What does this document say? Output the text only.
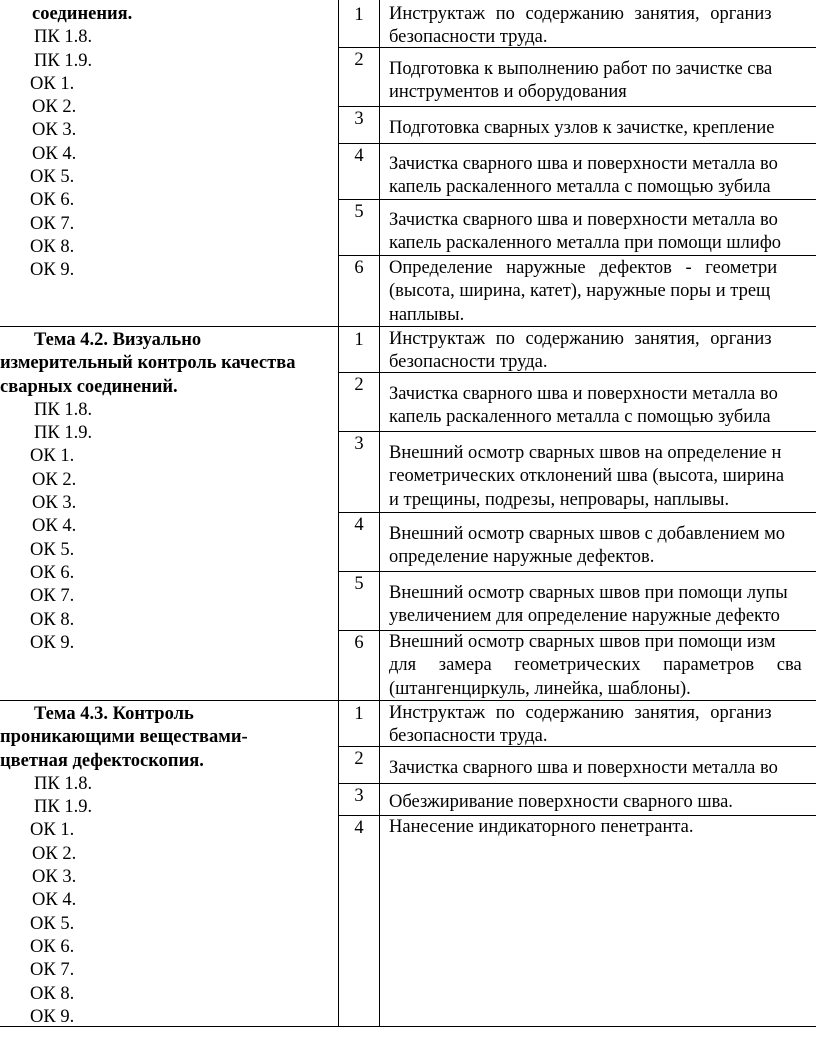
соединения.
ПК 1.8.
ПК 1.9.
ОК 1.
ОК 2.
ОК 3.
ОК 4.
ОК 5.
ОК 6.
ОК 7.
ОК 8.
ОК 9.
1	Инструктаж по содержанию занятия, организ
безопасности труда.
2	Подготовка к выполнению работ по зачистке сва
инструментов и оборудования
3	Подготовка сварных узлов к зачистке, крепление
4	Зачистка сварного шва и поверхности металла во
капель раскаленного металла с помощью зубила
5	Зачистка сварного шва и поверхности металла во
капель раскаленного металла при помощи шлифо
6	Определение наружные дефектов - геометри
(высота, ширина, катет), наружные поры и трещ
наплывы.
Тема 4.2. Визуально
измерительный контроль качества
сварных соединений.
ПК 1.8.
ПК 1.9.
ОК 1.
ОК 2.
ОК 3.
ОК 4.
ОК 5.
ОК 6.
ОК 7.
ОК 8.
ОК 9.
1	Инструктаж по содержанию занятия, организ
безопасности труда.
2	Зачистка сварного шва и поверхности металла во
капель раскаленного металла с помощью зубила
3	Внешний осмотр сварных швов на определение н
геометрических отклонений шва (высота, ширина
и трещины, подрезы, непровары, наплывы.
4	Внешний осмотр сварных швов с добавлением мо
определение наружные дефектов.
5	Внешний осмотр сварных швов при помощи лупы
увеличением для определение наружные дефекто
6	Внешний осмотр сварных швов при помощи изм
для замера геометрических параметров сва
(штангенциркуль, линейка, шаблоны).
Тема 4.3. Контроль
проникающими веществами-
цветная дефектоскопия.
ПК 1.8.
ПК 1.9.
ОК 1.
ОК 2.
ОК 3.
ОК 4.
ОК 5.
ОК 6.
ОК 7.
ОК 8.
ОК 9.
1	Инструктаж по содержанию занятия, организ
безопасности труда.
2	Зачистка сварного шва и поверхности металла во
3	Обезжиривание поверхности сварного шва.
4	Нанесение индикаторного пенетранта.
